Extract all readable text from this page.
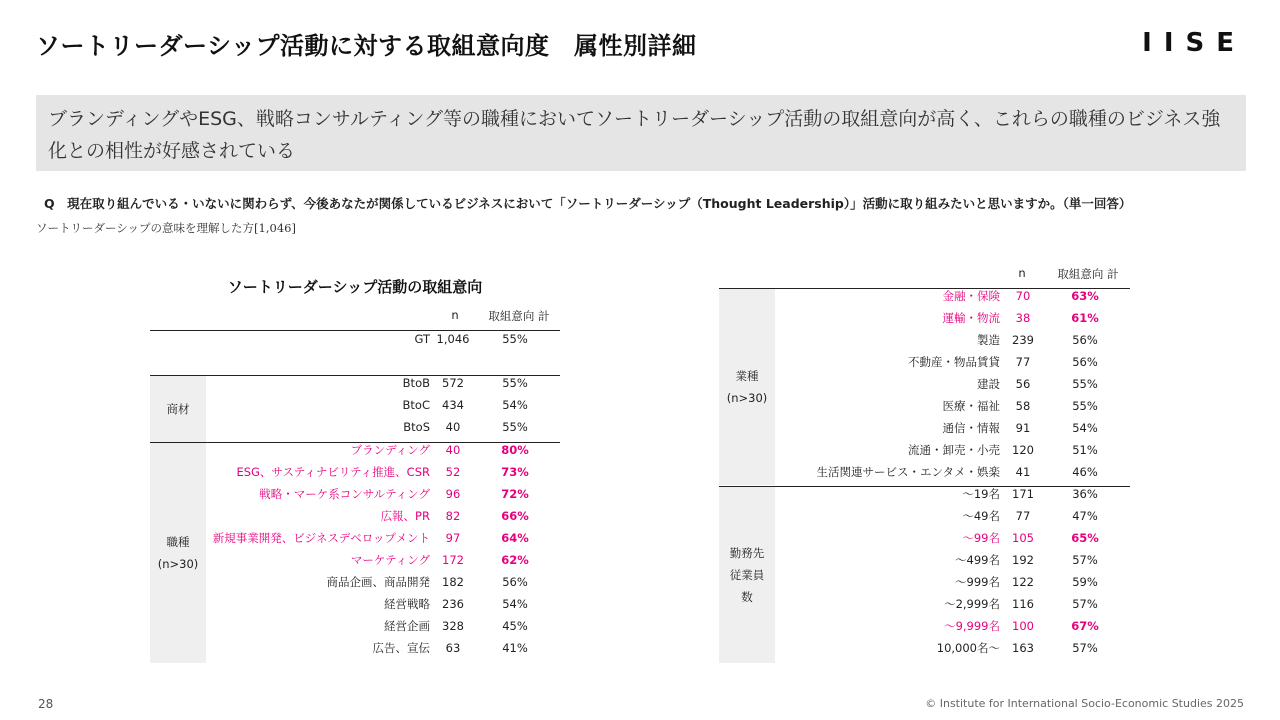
ソートリーダーシップ活動に対する取組意向度　属性別詳細	IISE
ブランディングやESG、戦略コンサルティング等の職種においてソートリーダーシップ活動の取組意向が高く、これらの職種のビジネス強化との相性が好感されている
Q　現在取り組んでいる・いないに関わらず、今後あなたが関係しているビジネスにおいて「ソートリーダーシップ（Thought Leadership）」活動に取り組みたいと思いますか。（単一回答）
ソートリーダーシップの意味を理解した方[1,046]
ソートリーダーシップ活動の取組意向
n	取組意向 計
GT 1,046	55%
商材
BtoB	572	55%
BtoC	434	54%
BtoS	40	55%
職種
(n>30)
ブランディング	40	80%
ESG、サスティナビリティ推進、CSR	52	73%
戦略・マーケ系コンサルティング	96	72%
広報、PR	82	66%
新規事業開発、ビジネスデベロップメント	97	64%
マーケティング	172	62%
商品企画、商品開発	182	56%
経営戦略	236	54%
経営企画	328	45%
広告、宣伝	63	41%
n	取組意向 計
業種
(n>30)
金融・保険	70	63%
運輸・物流	38	61%
製造	239	56%
不動産・物品賃貸	77	56%
建設	56	55%
医療・福祉	58	55%
通信・情報	91	54%
流通・卸売・小売	120	51%
生活関連サービス・エンタメ・娯楽	41	46%
勤務先
従業員
数
～19名	171	36%
～49名	77	47%
～99名	105	65%
～499名	192	57%
～999名	122	59%
～2,999名	116	57%
～9,999名	100	67%
10,000名～	163	57%
28	© Institute for International Socio-Economic Studies 2025
